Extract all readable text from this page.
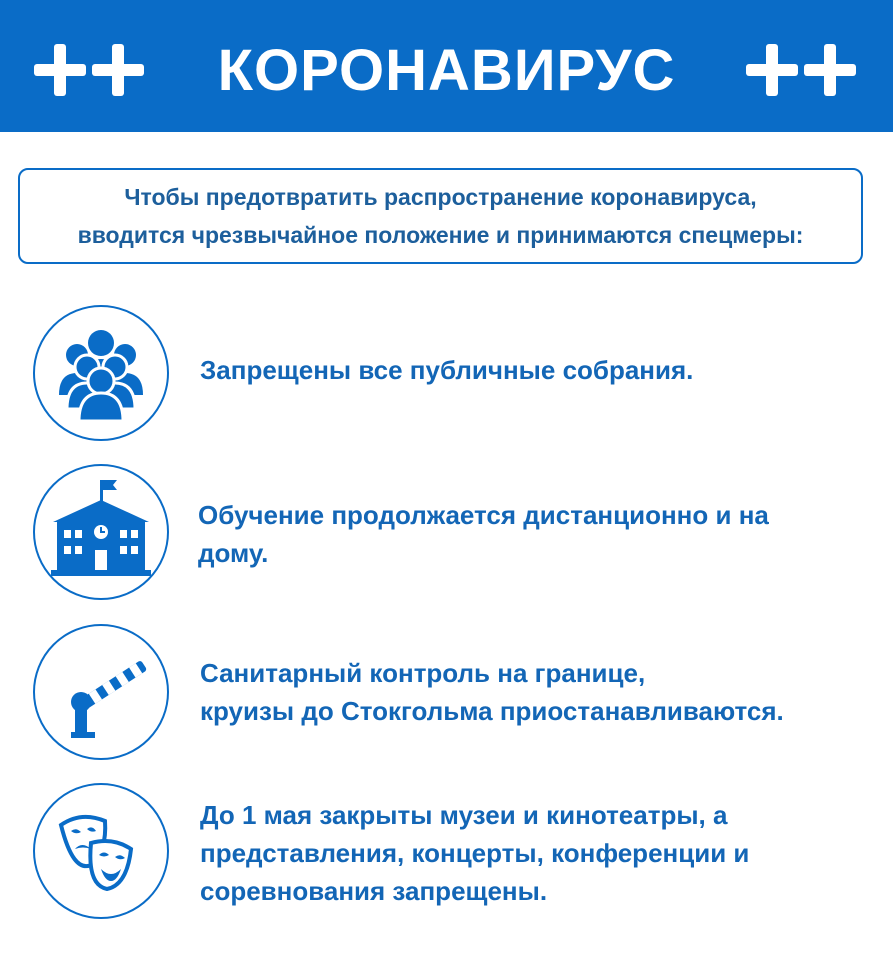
КОРОНАВИРУС
Чтобы предотвратить распространение коронавируса,
вводится чрезвычайное положение и принимаются спецмеры:
Запрещены все публичные собрания.
Обучение продолжается дистанционно и на
дому.
Санитарный контроль на границе,
круизы до Стокгольма приостанавливаются.
До 1 мая закрыты музеи и кинотеатры, а
представления, концерты, конференции и
соревнования запрещены.
